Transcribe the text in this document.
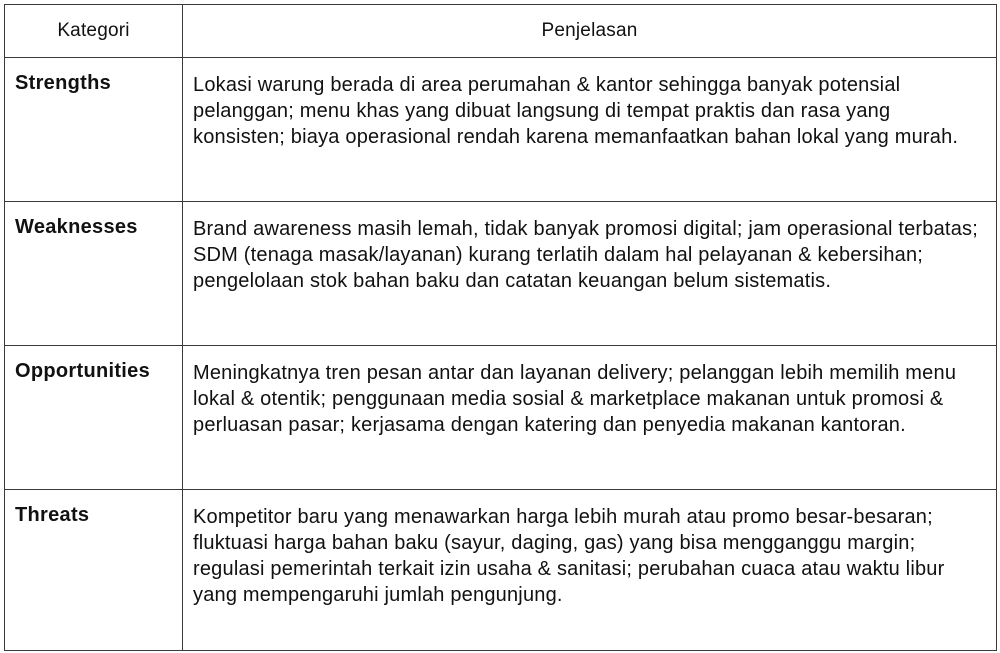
Kategori	Penjelasan
Strengths	Lokasi warung berada di area perumahan & kantor sehingga banyak potensial pelanggan; menu khas yang dibuat langsung di tempat praktis dan rasa yang konsisten; biaya operasional rendah karena memanfaatkan bahan lokal yang murah.
Weaknesses	Brand awareness masih lemah, tidak banyak promosi digital; jam operasional terbatas; SDM (tenaga masak/layanan) kurang terlatih dalam hal pelayanan & kebersihan; pengelolaan stok bahan baku dan catatan keuangan belum sistematis.
Opportunities	Meningkatnya tren pesan antar dan layanan delivery; pelanggan lebih memilih menu lokal & otentik; penggunaan media sosial & marketplace makanan untuk promosi & perluasan pasar; kerjasama dengan katering dan penyedia makanan kantoran.
Threats	Kompetitor baru yang menawarkan harga lebih murah atau promo besar-besaran; fluktuasi harga bahan baku (sayur, daging, gas) yang bisa mengganggu margin; regulasi pemerintah terkait izin usaha & sanitasi; perubahan cuaca atau waktu libur yang mempengaruhi jumlah pengunjung.
